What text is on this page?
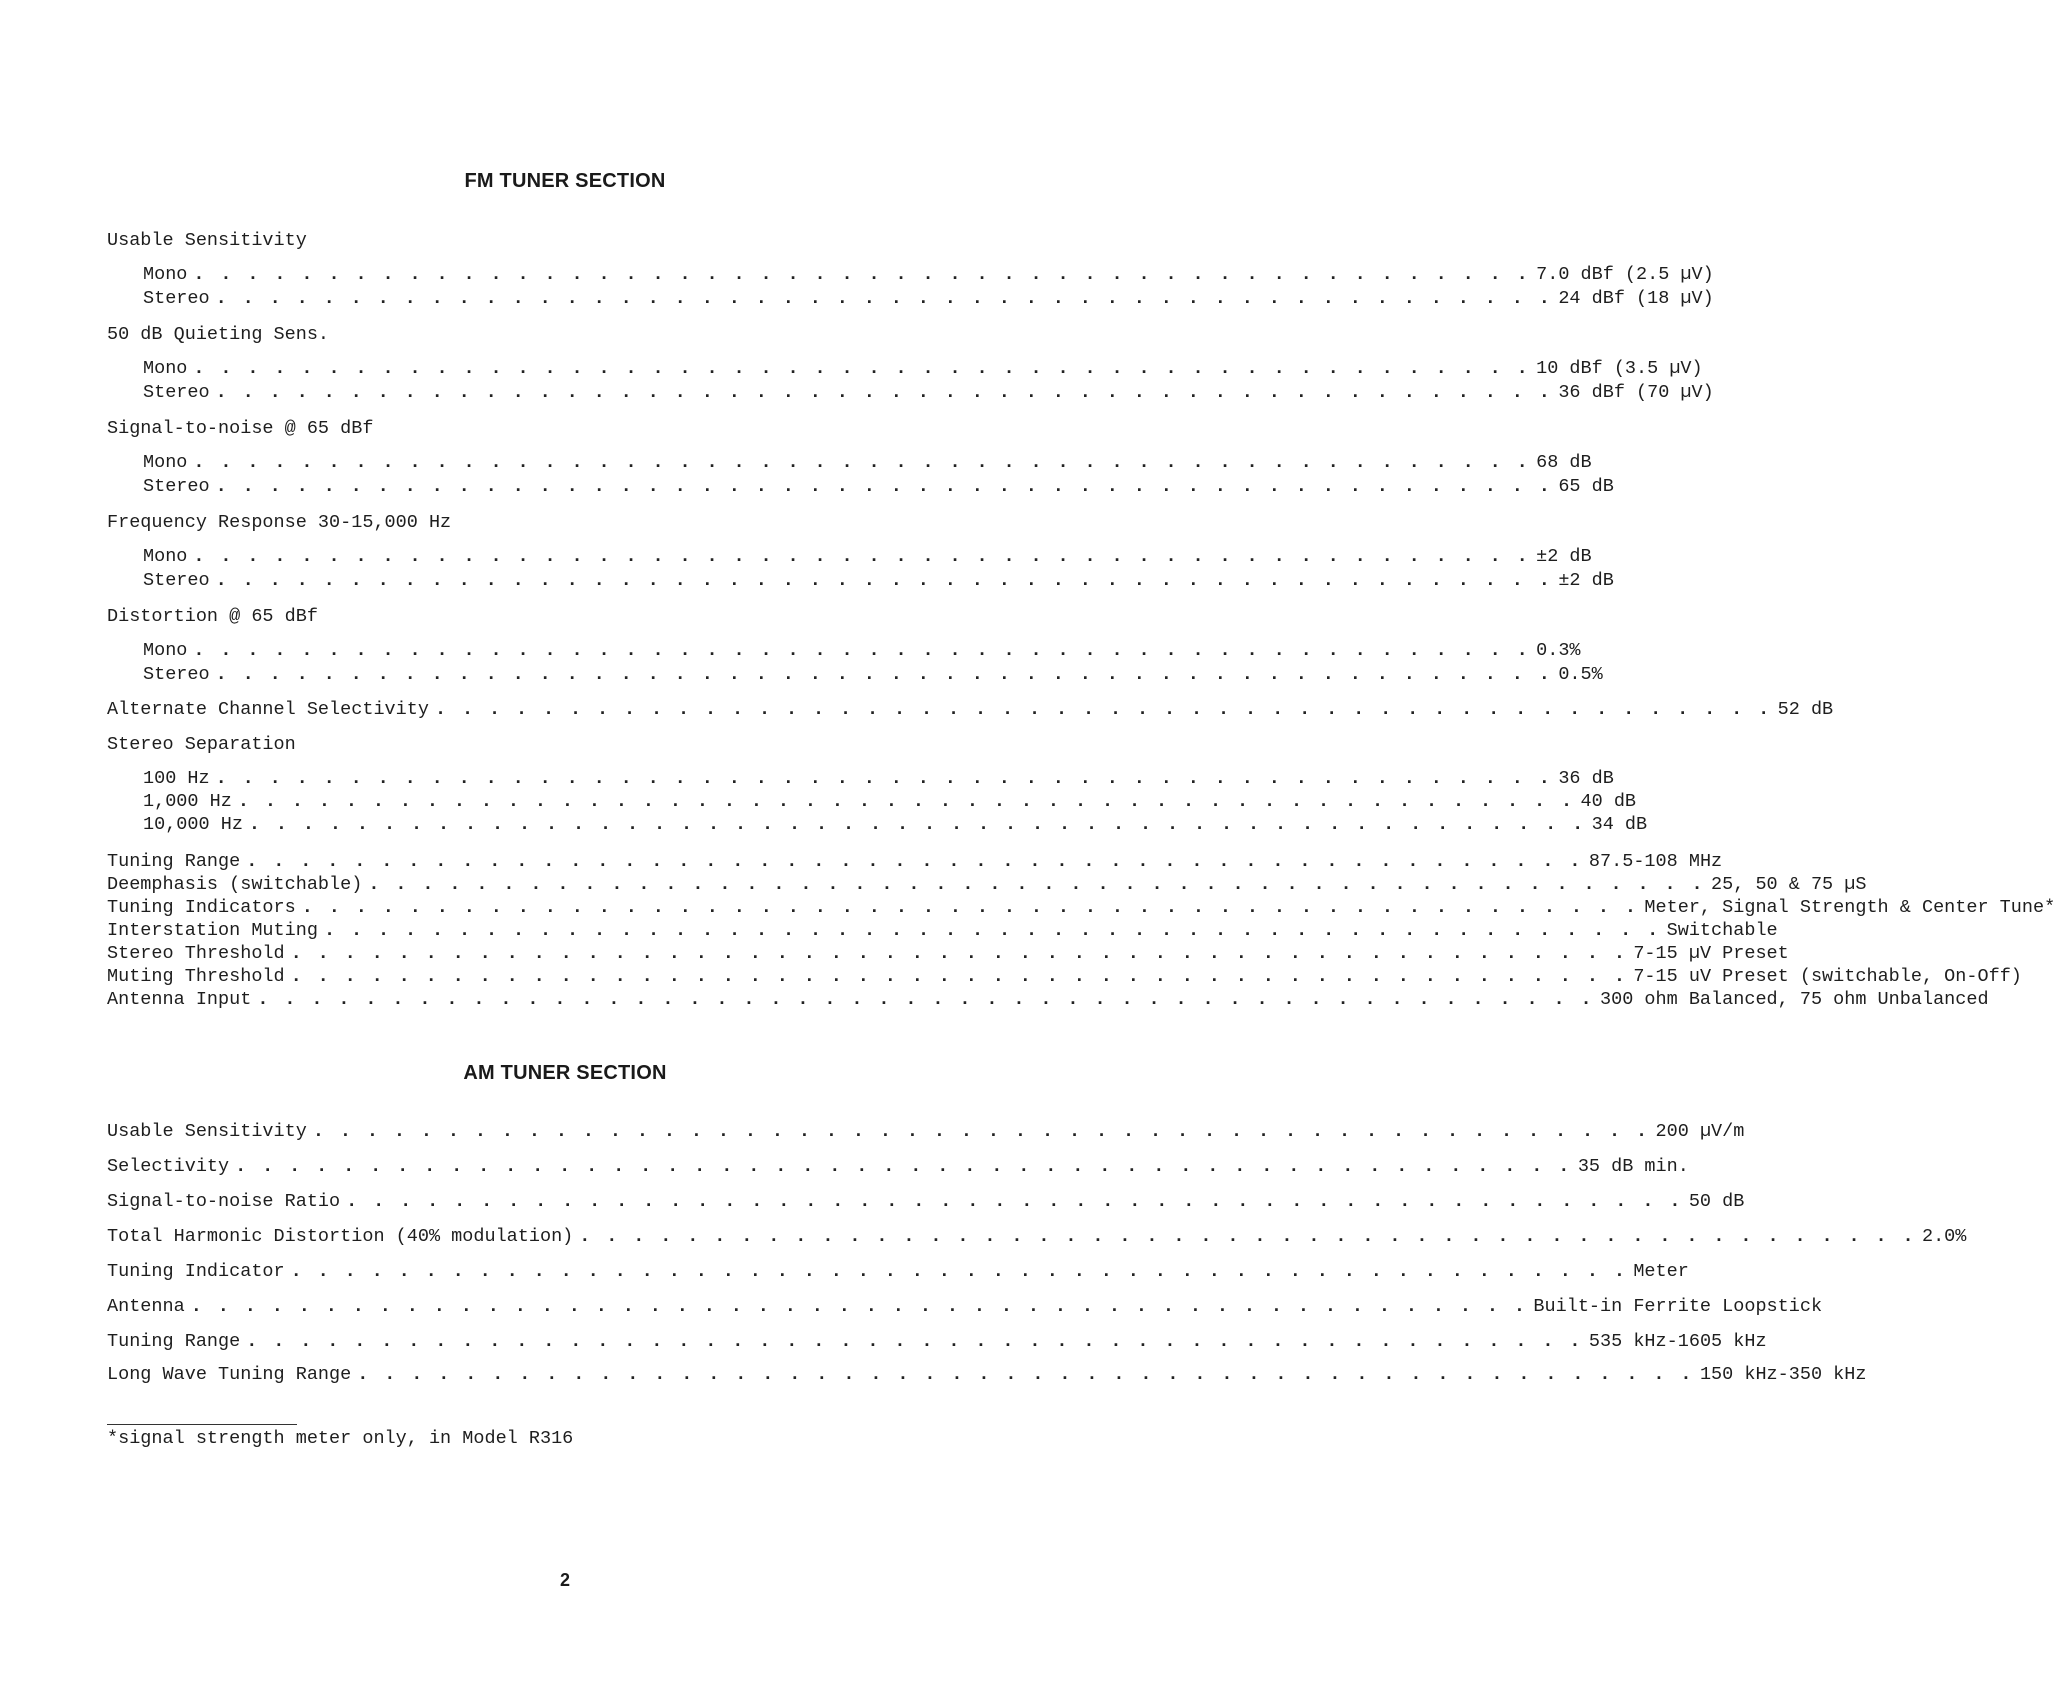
FM TUNER SECTION
Usable Sensitivity
Mono . . . . . . . . . . . . . . . . . . . . . . . . . . . . . . . . . . . . . . . . . . . . . . . . . . 7.0 dBf (2.5 µV)
Stereo . . . . . . . . . . . . . . . . . . . . . . . . . . . . . . . . . . . . . . . . . . . . . . . . . . 24 dBf (18 µV)
50 dB Quieting Sens.
Mono . . . . . . . . . . . . . . . . . . . . . . . . . . . . . . . . . . . . . . . . . . . . . . . . . . 10 dBf (3.5 µV)
Stereo . . . . . . . . . . . . . . . . . . . . . . . . . . . . . . . . . . . . . . . . . . . . . . . . . . 36 dBf (70 µV)
Signal-to-noise @ 65 dBf
Mono . . . . . . . . . . . . . . . . . . . . . . . . . . . . . . . . . . . . . . . . . . . . . . . . . . 68 dB
Stereo . . . . . . . . . . . . . . . . . . . . . . . . . . . . . . . . . . . . . . . . . . . . . . . . . . 65 dB
Frequency Response 30-15,000 Hz
Mono . . . . . . . . . . . . . . . . . . . . . . . . . . . . . . . . . . . . . . . . . . . . . . . . . . ±2 dB
Stereo . . . . . . . . . . . . . . . . . . . . . . . . . . . . . . . . . . . . . . . . . . . . . . . . . . ±2 dB
Distortion @ 65 dBf
Mono . . . . . . . . . . . . . . . . . . . . . . . . . . . . . . . . . . . . . . . . . . . . . . . . . . 0.3%
Stereo . . . . . . . . . . . . . . . . . . . . . . . . . . . . . . . . . . . . . . . . . . . . . . . . . . 0.5%
Alternate Channel Selectivity . . . . . . . . . . . . . . . . . . . . . . . . . . . . . . . . . . . . . . . . . . . . . . . . . . 52 dB
Stereo Separation
100 Hz . . . . . . . . . . . . . . . . . . . . . . . . . . . . . . . . . . . . . . . . . . . . . . . . . . 36 dB
1,000 Hz . . . . . . . . . . . . . . . . . . . . . . . . . . . . . . . . . . . . . . . . . . . . . . . . . . 40 dB
10,000 Hz . . . . . . . . . . . . . . . . . . . . . . . . . . . . . . . . . . . . . . . . . . . . . . . . . . 34 dB
Tuning Range . . . . . . . . . . . . . . . . . . . . . . . . . . . . . . . . . . . . . . . . . . . . . . . . . . 87.5-108 MHz
Deemphasis (switchable) . . . . . . . . . . . . . . . . . . . . . . . . . . . . . . . . . . . . . . . . . . . . . . . . . . 25, 50 & 75 µS
Tuning Indicators . . . . . . . . . . . . . . . . . . . . . . . . . . . . . . . . . . . . . . . . . . . . . . . . . . Meter, Signal Strength & Center Tune*
Interstation Muting . . . . . . . . . . . . . . . . . . . . . . . . . . . . . . . . . . . . . . . . . . . . . . . . . . Switchable
Stereo Threshold . . . . . . . . . . . . . . . . . . . . . . . . . . . . . . . . . . . . . . . . . . . . . . . . . . 7-15 µV Preset
Muting Threshold . . . . . . . . . . . . . . . . . . . . . . . . . . . . . . . . . . . . . . . . . . . . . . . . . . 7-15 uV Preset (switchable, On-Off)
Antenna Input . . . . . . . . . . . . . . . . . . . . . . . . . . . . . . . . . . . . . . . . . . . . . . . . . . 300 ohm Balanced, 75 ohm Unbalanced
AM TUNER SECTION
Usable Sensitivity . . . . . . . . . . . . . . . . . . . . . . . . . . . . . . . . . . . . . . . . . . . . . . . . . . 200 µV/m
Selectivity . . . . . . . . . . . . . . . . . . . . . . . . . . . . . . . . . . . . . . . . . . . . . . . . . . 35 dB min.
Signal-to-noise Ratio . . . . . . . . . . . . . . . . . . . . . . . . . . . . . . . . . . . . . . . . . . . . . . . . . . 50 dB
Total Harmonic Distortion (40% modulation) . . . . . . . . . . . . . . . . . . . . . . . . . . . . . . . . . . . . . . . . . . . . . . . . . . 2.0%
Tuning Indicator . . . . . . . . . . . . . . . . . . . . . . . . . . . . . . . . . . . . . . . . . . . . . . . . . . Meter
Antenna . . . . . . . . . . . . . . . . . . . . . . . . . . . . . . . . . . . . . . . . . . . . . . . . . . Built-in Ferrite Loopstick
Tuning Range . . . . . . . . . . . . . . . . . . . . . . . . . . . . . . . . . . . . . . . . . . . . . . . . . . 535 kHz-1605 kHz
Long Wave Tuning Range . . . . . . . . . . . . . . . . . . . . . . . . . . . . . . . . . . . . . . . . . . . . . . . . . . 150 kHz-350 kHz
*signal strength meter only, in Model R316
2
